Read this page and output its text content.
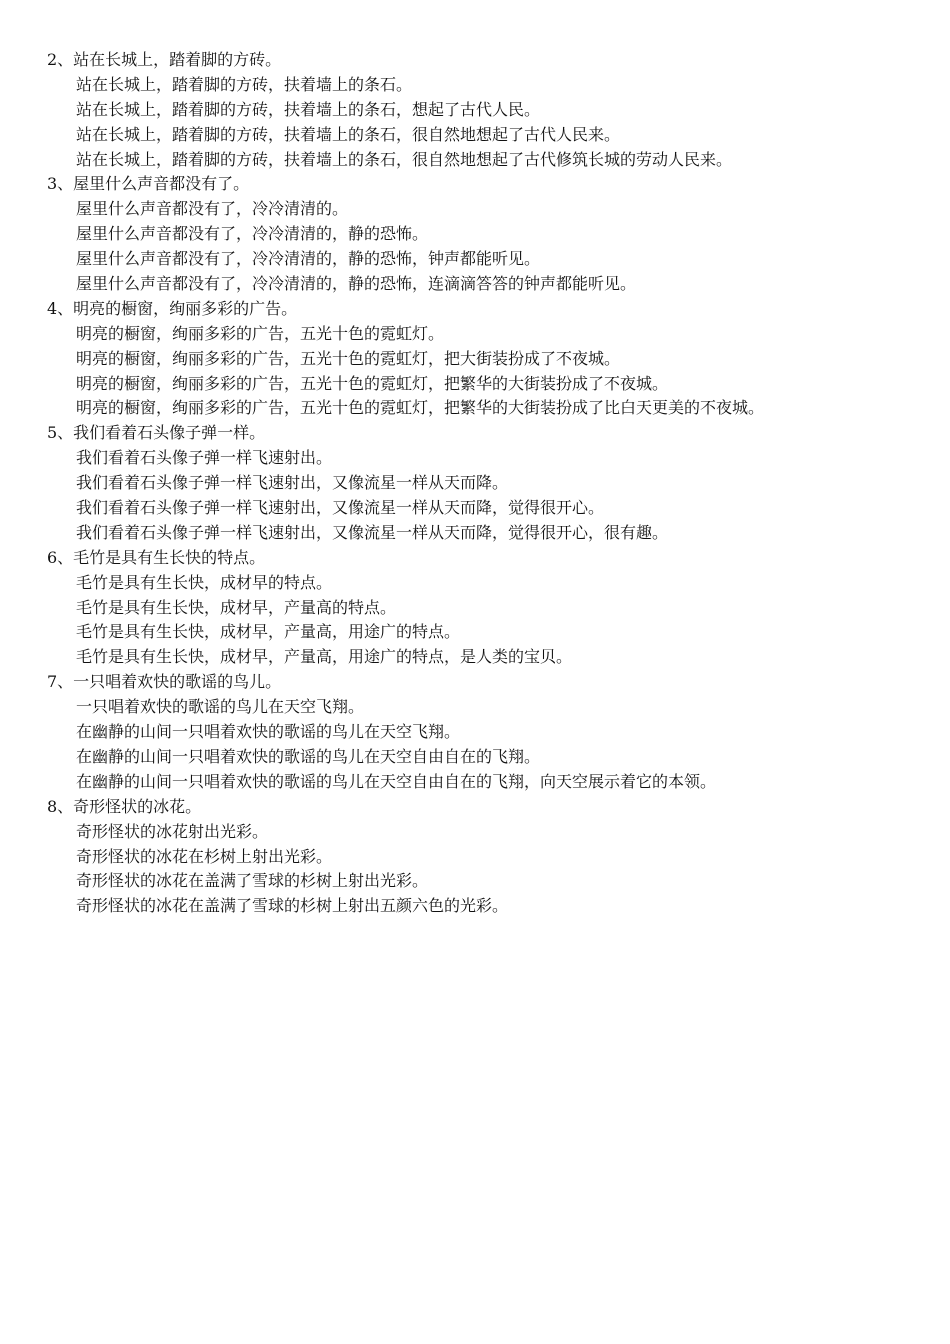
2、站在长城上，踏着脚的方砖。
站在长城上，踏着脚的方砖，扶着墙上的条石。
站在长城上，踏着脚的方砖，扶着墙上的条石，想起了古代人民。
站在长城上，踏着脚的方砖，扶着墙上的条石，很自然地想起了古代人民来。
站在长城上，踏着脚的方砖，扶着墙上的条石，很自然地想起了古代修筑长城的劳动人民来。
3、屋里什么声音都没有了。
屋里什么声音都没有了，冷冷清清的。
屋里什么声音都没有了，冷冷清清的，静的恐怖。
屋里什么声音都没有了，冷冷清清的，静的恐怖，钟声都能听见。
屋里什么声音都没有了，冷冷清清的，静的恐怖，连滴滴答答的钟声都能听见。
4、明亮的橱窗，绚丽多彩的广告。
明亮的橱窗，绚丽多彩的广告，五光十色的霓虹灯。
明亮的橱窗，绚丽多彩的广告，五光十色的霓虹灯，把大街装扮成了不夜城。
明亮的橱窗，绚丽多彩的广告，五光十色的霓虹灯，把繁华的大街装扮成了不夜城。
明亮的橱窗，绚丽多彩的广告，五光十色的霓虹灯，把繁华的大街装扮成了比白天更美的不夜城。
5、我们看着石头像子弹一样。
我们看着石头像子弹一样飞速射出。
我们看着石头像子弹一样飞速射出，又像流星一样从天而降。
我们看着石头像子弹一样飞速射出，又像流星一样从天而降，觉得很开心。
我们看着石头像子弹一样飞速射出，又像流星一样从天而降，觉得很开心，很有趣。
6、毛竹是具有生长快的特点。
毛竹是具有生长快，成材早的特点。
毛竹是具有生长快，成材早，产量高的特点。
毛竹是具有生长快，成材早，产量高，用途广的特点。
毛竹是具有生长快，成材早，产量高，用途广的特点，是人类的宝贝。
7、一只唱着欢快的歌谣的鸟儿。
一只唱着欢快的歌谣的鸟儿在天空飞翔。
在幽静的山间一只唱着欢快的歌谣的鸟儿在天空飞翔。
在幽静的山间一只唱着欢快的歌谣的鸟儿在天空自由自在的飞翔。
在幽静的山间一只唱着欢快的歌谣的鸟儿在天空自由自在的飞翔，向天空展示着它的本领。
8、奇形怪状的冰花。
奇形怪状的冰花射出光彩。
奇形怪状的冰花在杉树上射出光彩。
奇形怪状的冰花在盖满了雪球的杉树上射出光彩。
奇形怪状的冰花在盖满了雪球的杉树上射出五颜六色的光彩。
